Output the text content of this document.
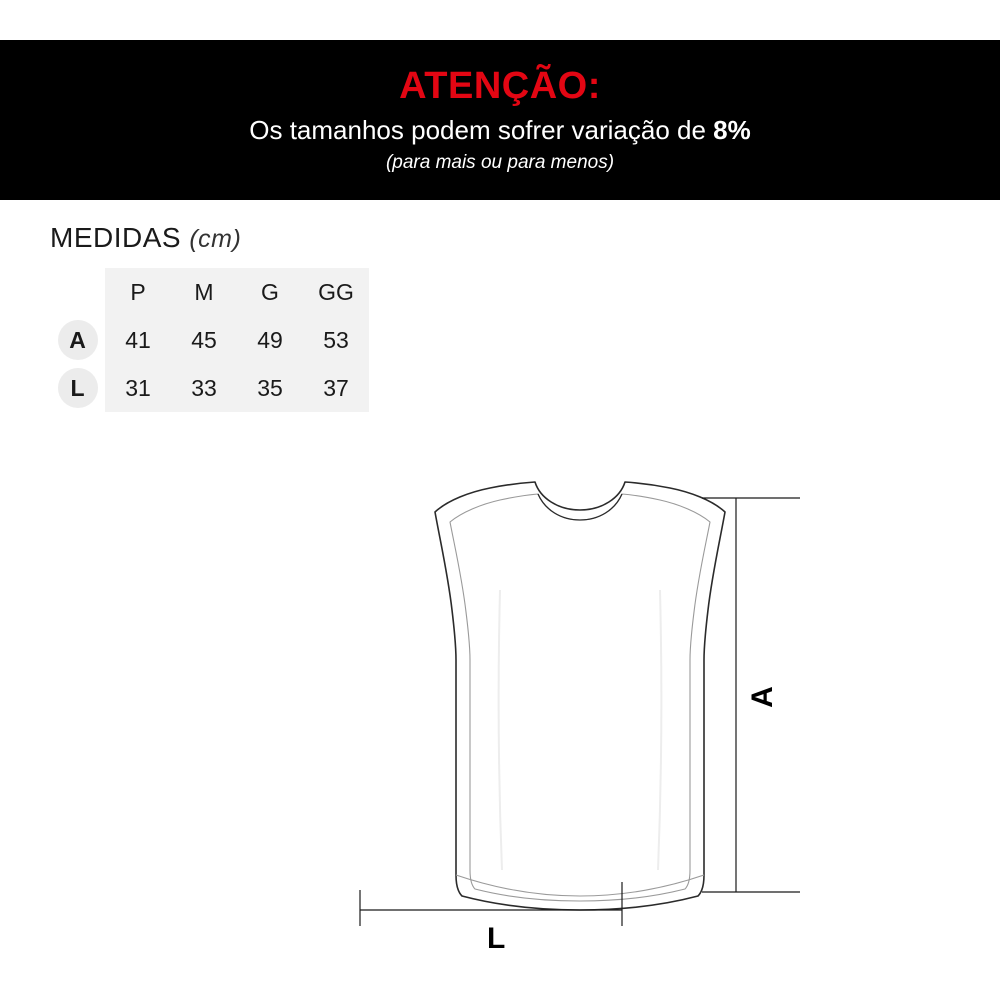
ATENÇÃO:
Os tamanhos podem sofrer variação de 8%
(para mais ou para menos)
MEDIDAS (cm)
	P	M	G	GG

A	41	45	49	53

L	31	33	35	37
A
L
